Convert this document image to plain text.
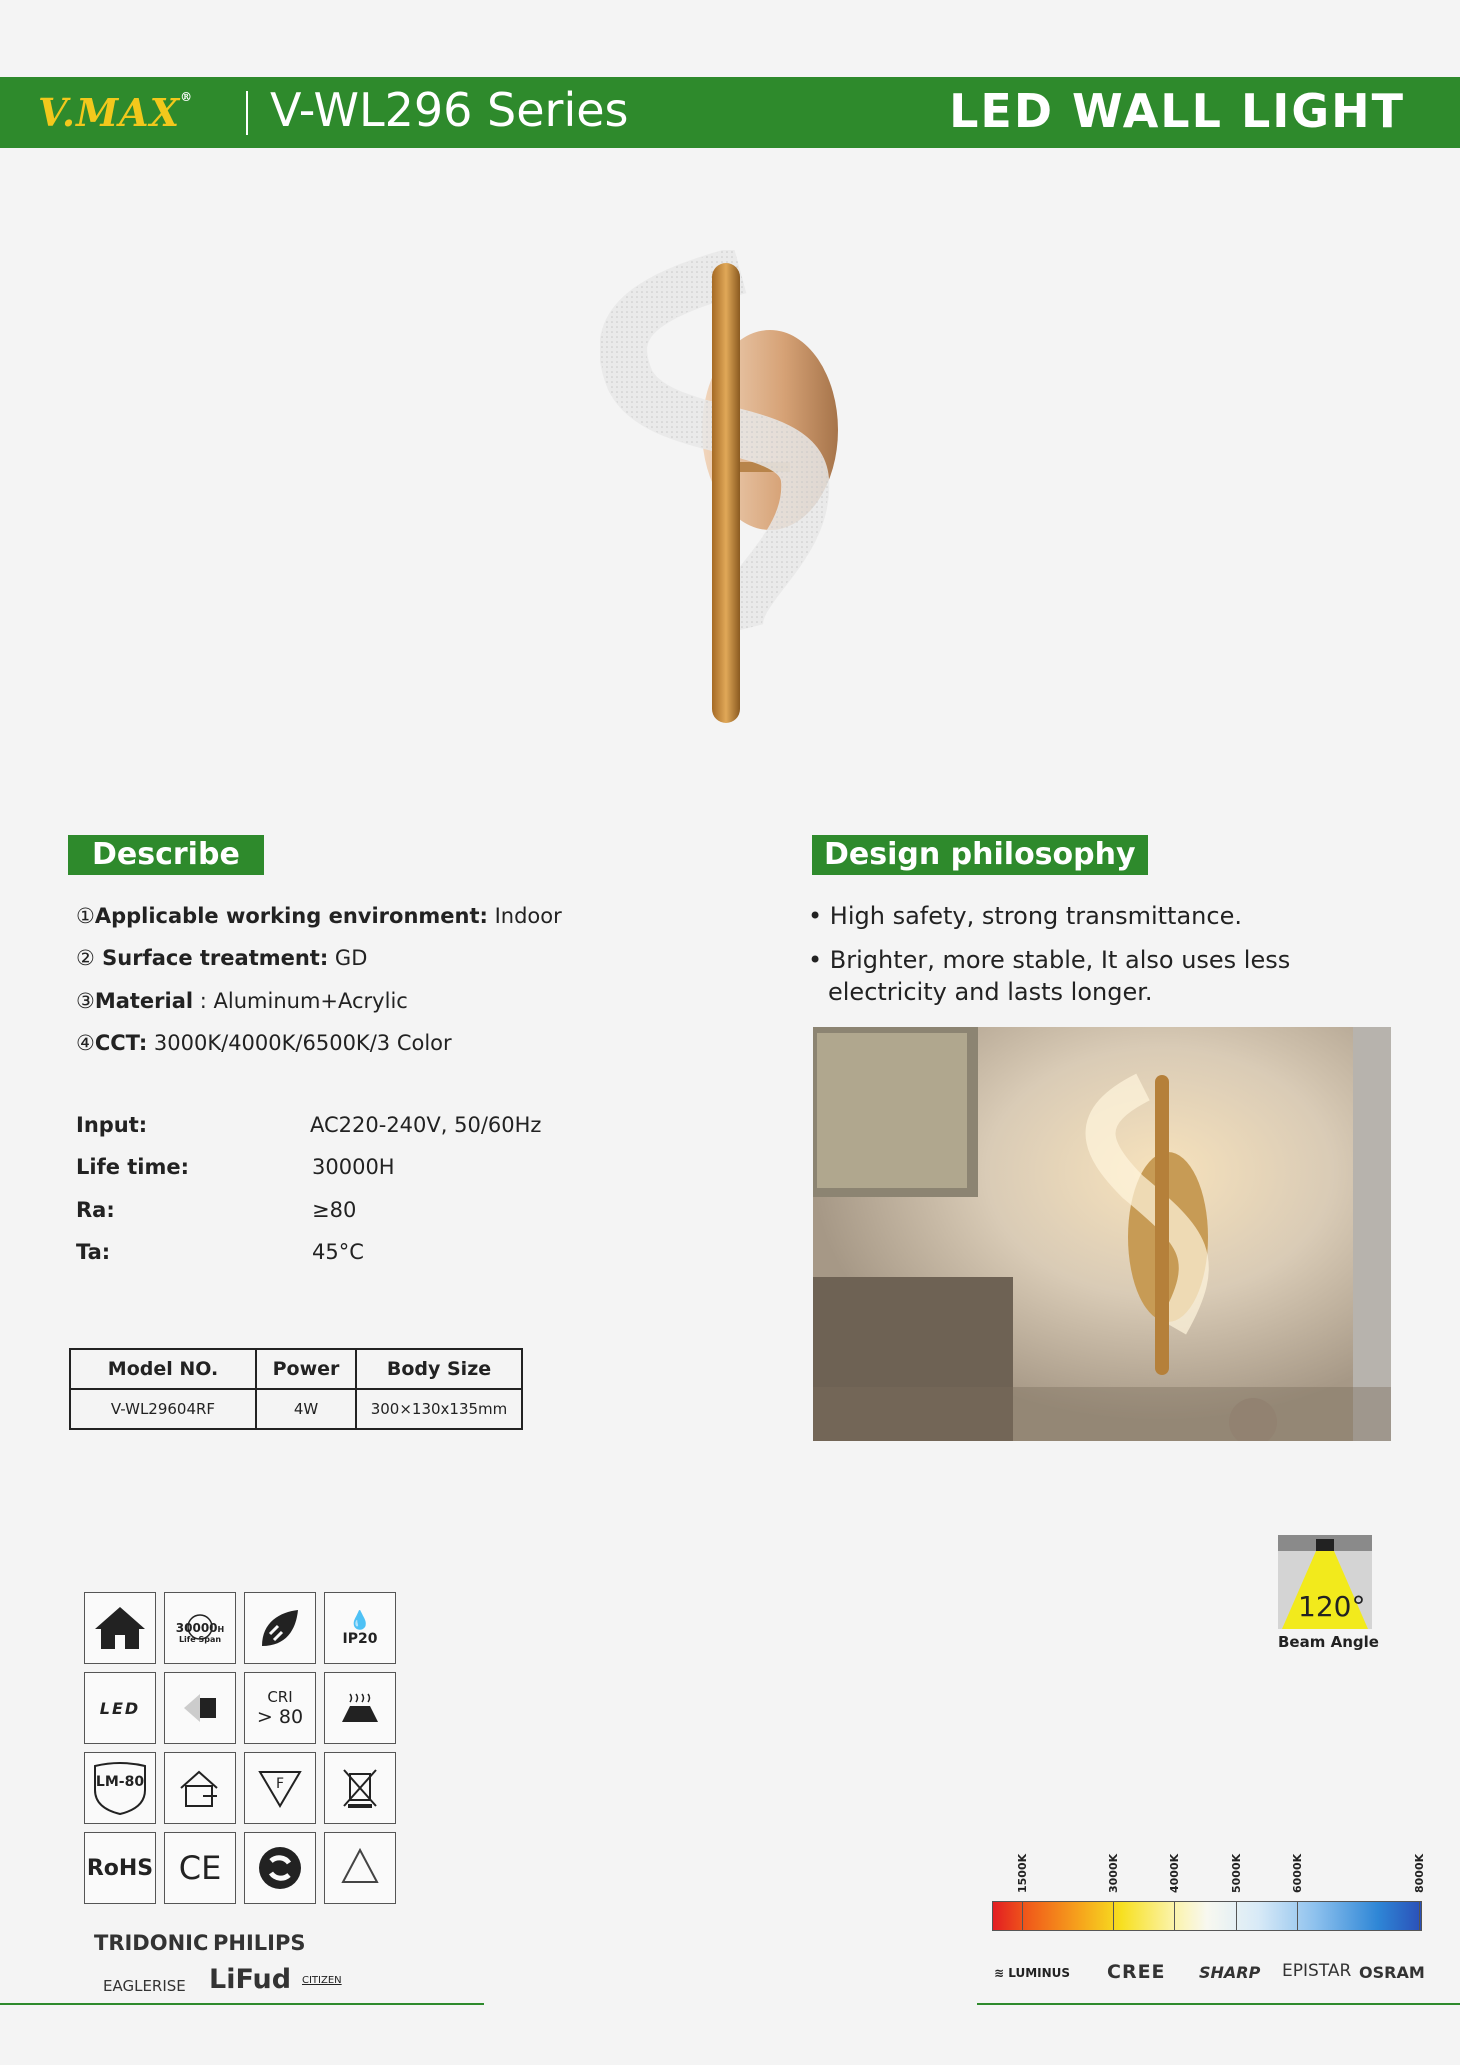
V.MAX® V-WL296 Series	LED WALL LIGHT
Describe
①Applicable working environment: Indoor
② Surface treatment: GD
③Material : Aluminum+Acrylic
④CCT: 3000K/4000K/6500K/3 Color
Input:	AC220-240V, 50/60Hz
Life time:	30000H
Ra:	≥80
Ta:	45°C
Model NO.	Power	Body Size
V-WL29604RF	4W	300×130x135mm
Design philosophy
• High safety, strong transmittance.
• Brighter, more stable, It also uses less electricity and lasts longer.
120°
Beam Angle
30000H
Life Span
💧
IP20
LED
CRI
> 80
LM-80	F
RoHS CE
TRIDONIC PHILIPS
EAGLERISE LiFud CITIZEN
1500K	3000K	4000K	5000K	6000K	8000K
≋ LUMINUS CREE SHARP EPISTAR OSRAM
